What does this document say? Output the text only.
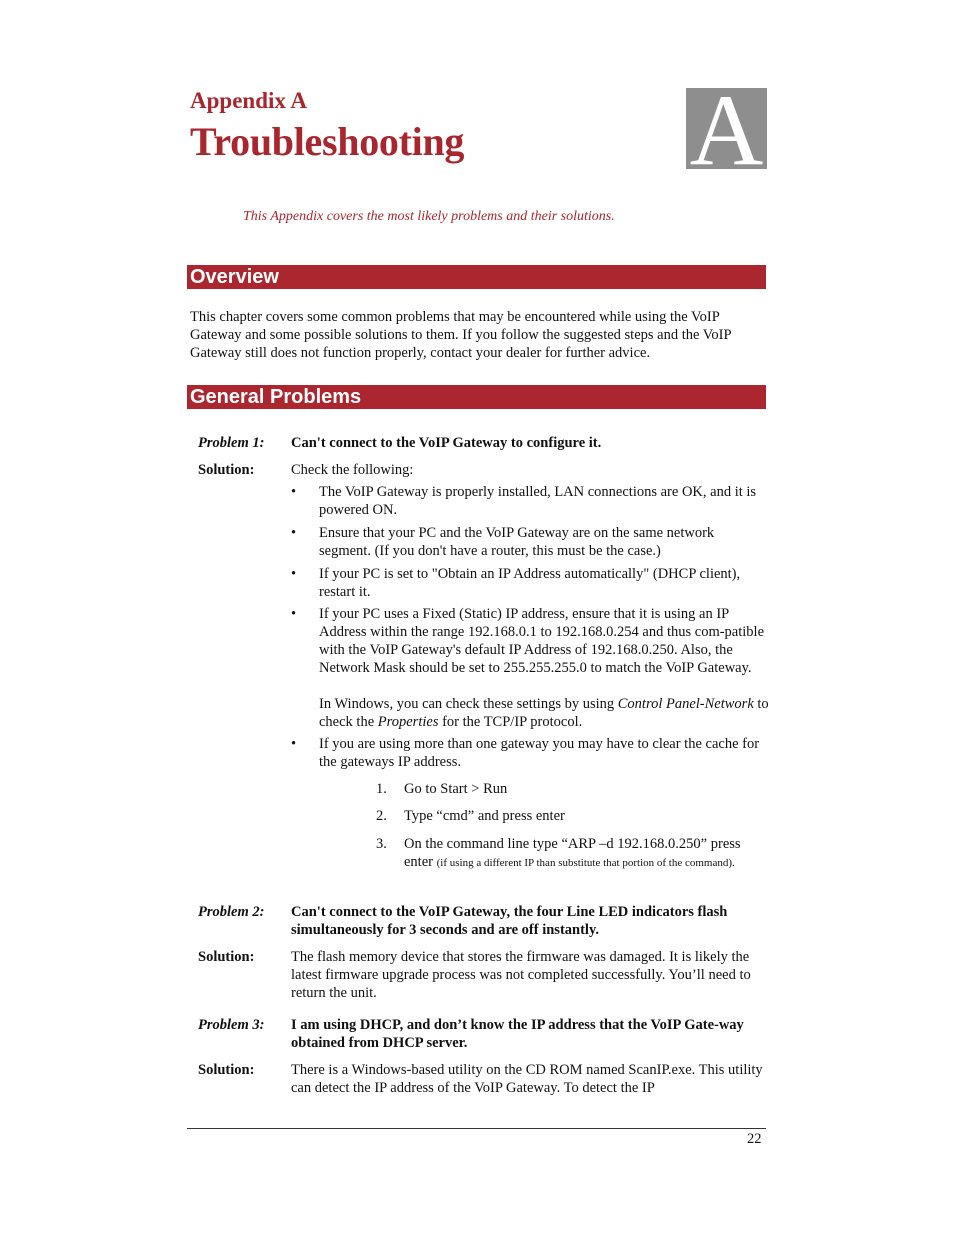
Appendix A
Troubleshooting A
This Appendix covers the most likely problems and their solutions.
Overview
This chapter covers some common problems that may be encountered while using the VoIP Gateway and some possible solutions to them. If you follow the suggested steps and the VoIP Gateway still does not function properly, contact your dealer for further advice.
General Problems
Problem 1: Can't connect to the VoIP Gateway to configure it.
Solution:	Check the following:
• The VoIP Gateway is properly installed, LAN connections are OK, and it is powered ON.
• Ensure that your PC and the VoIP Gateway are on the same network segment. (If you don't have a router, this must be the case.)
• If your PC is set to "Obtain an IP Address automatically" (DHCP client), restart it.
• If your PC uses a Fixed (Static) IP address, ensure that it is using an IP Address within the range 192.168.0.1 to 192.168.0.254 and thus com-patible with the VoIP Gateway's default IP Address of 192.168.0.250. Also, the Network Mask should be set to 255.255.255.0 to match the VoIP Gateway.
In Windows, you can check these settings by using Control Panel-Network to check the Properties for the TCP/IP protocol.
• If you are using more than one gateway you may have to clear the cache for the gateways IP address.
1. Go to Start > Run
2. Type “cmd” and press enter
3. On the command line type “ARP –d 192.168.0.250” press enter (if using a different IP than substitute that portion of the command).
Problem 2: Can't connect to the VoIP Gateway, the four Line LED indicators flash simultaneously for 3 seconds and are off instantly.
Solution:	The flash memory device that stores the firmware was damaged. It is likely the latest firmware upgrade process was not completed successfully. You’ll need to return the unit.
Problem 3: I am using DHCP, and don’t know the IP address that the VoIP Gate-way obtained from DHCP server.
Solution:	There is a Windows-based utility on the CD ROM named ScanIP.exe. This utility can detect the IP address of the VoIP Gateway. To detect the IP
22
